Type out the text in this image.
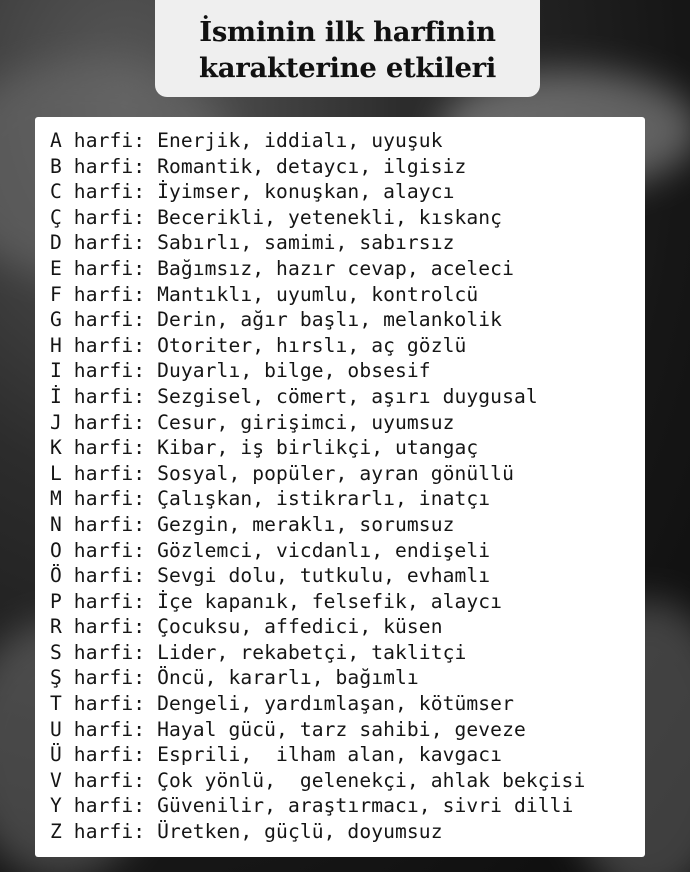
İsminin ilk harfinin
karakterine etkileri
A harfi: Enerjik, iddialı, uyuşuk
B harfi: Romantik, detaycı, ilgisiz
C harfi: İyimser, konuşkan, alaycı
Ç harfi: Becerikli, yetenekli, kıskanç
D harfi: Sabırlı, samimi, sabırsız
E harfi: Bağımsız, hazır cevap, aceleci
F harfi: Mantıklı, uyumlu, kontrolcü
G harfi: Derin, ağır başlı, melankolik
H harfi: Otoriter, hırslı, aç gözlü
I harfi: Duyarlı, bilge, obsesif
İ harfi: Sezgisel, cömert, aşırı duygusal
J harfi: Cesur, girişimci, uyumsuz
K harfi: Kibar, iş birlikçi, utangaç
L harfi: Sosyal, popüler, ayran gönüllü
M harfi: Çalışkan, istikrarlı, inatçı
N harfi: Gezgin, meraklı, sorumsuz
O harfi: Gözlemci, vicdanlı, endişeli
Ö harfi: Sevgi dolu, tutkulu, evhamlı
P harfi: İçe kapanık, felsefik, alaycı
R harfi: Çocuksu, affedici, küsen
S harfi: Lider, rekabetçi, taklitçi
Ş harfi: Öncü, kararlı, bağımlı
T harfi: Dengeli, yardımlaşan, kötümser
U harfi: Hayal gücü, tarz sahibi, geveze
Ü harfi: Esprili,  ilham alan, kavgacı
V harfi: Çok yönlü,  gelenekçi, ahlak bekçisi
Y harfi: Güvenilir, araştırmacı, sivri dilli
Z harfi: Üretken, güçlü, doyumsuz
